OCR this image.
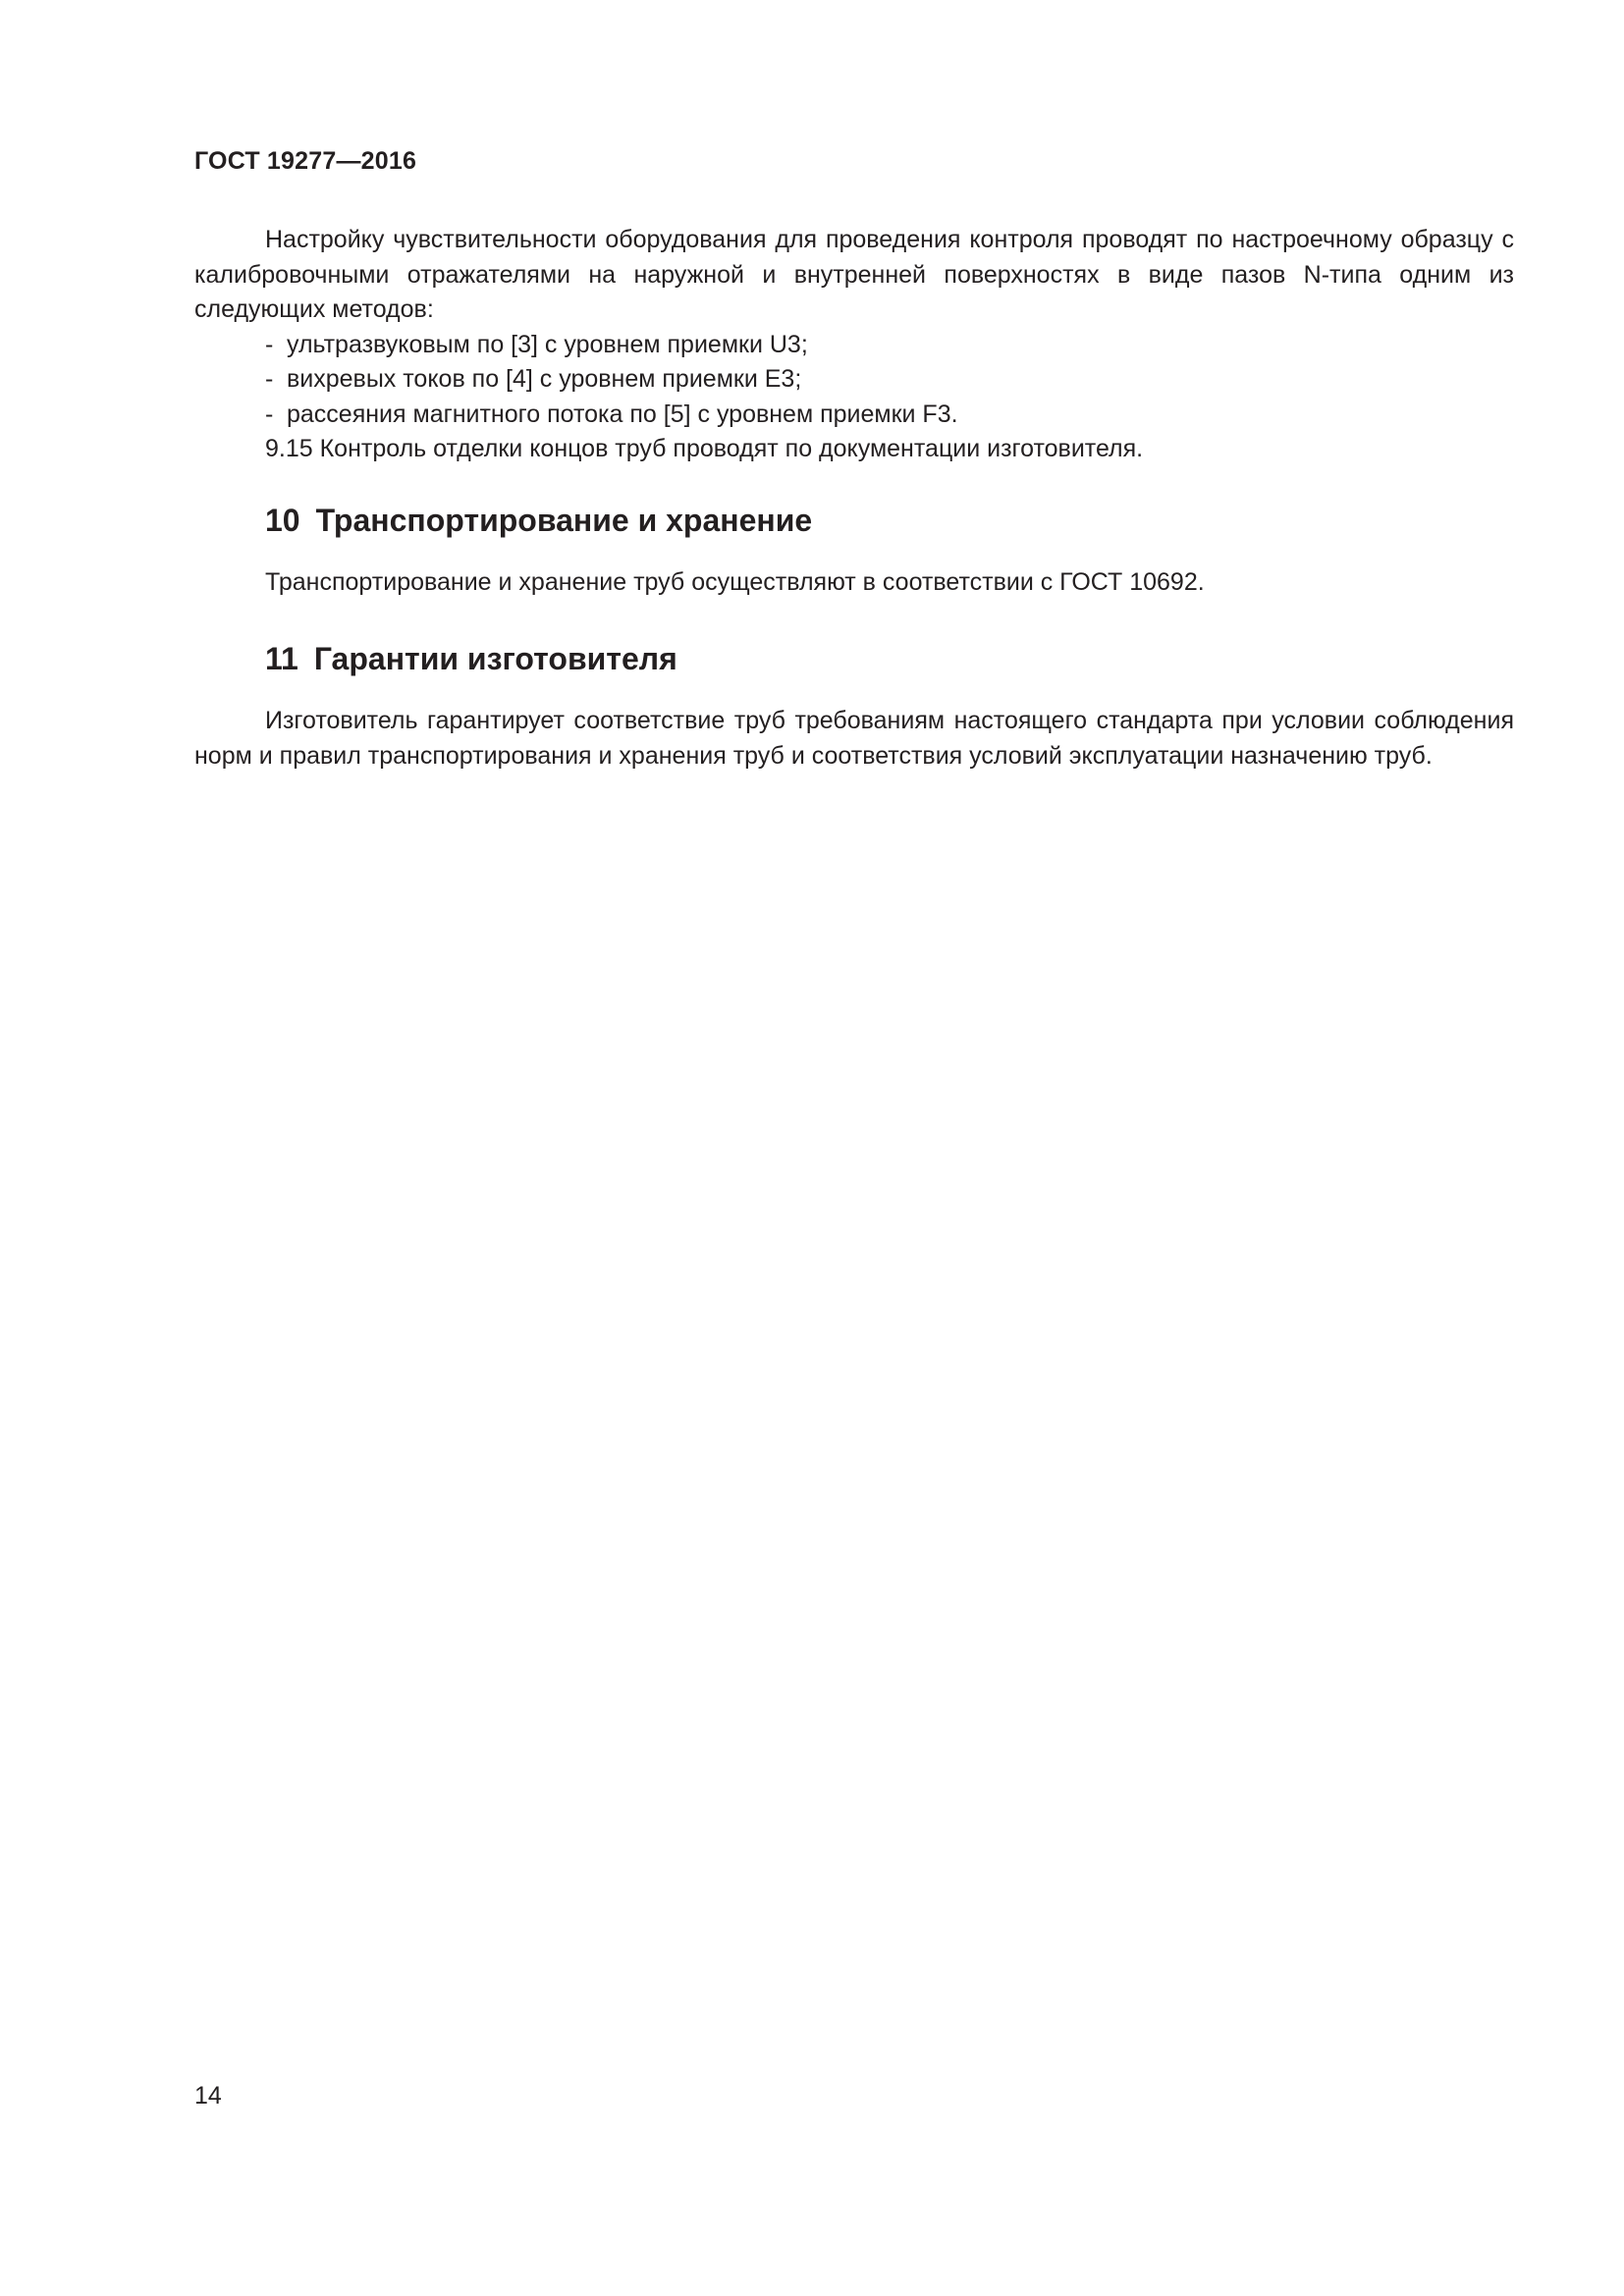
ГОСТ 19277—2016

Настройку чувствительности оборудования для проведения контроля проводят по настроечному образцу с калибровочными отражателями на наружной и внутренней поверхностях в виде пазов N-типа одним из следующих методов:

- ультразвуковым по [3] с уровнем приемки U3;
- вихревых токов по [4] с уровнем приемки E3;
- рассеяния магнитного потока по [5] с уровнем приемки F3.

9.15 Контроль отделки концов труб проводят по документации изготовителя.

10 Транспортирование и хранение

Транспортирование и хранение труб осуществляют в соответствии с ГОСТ 10692.

11 Гарантии изготовителя

Изготовитель гарантирует соответствие труб требованиям настоящего стандарта при условии соблюдения норм и правил транспортирования и хранения труб и соответствия условий эксплуатации назначению труб.

14
